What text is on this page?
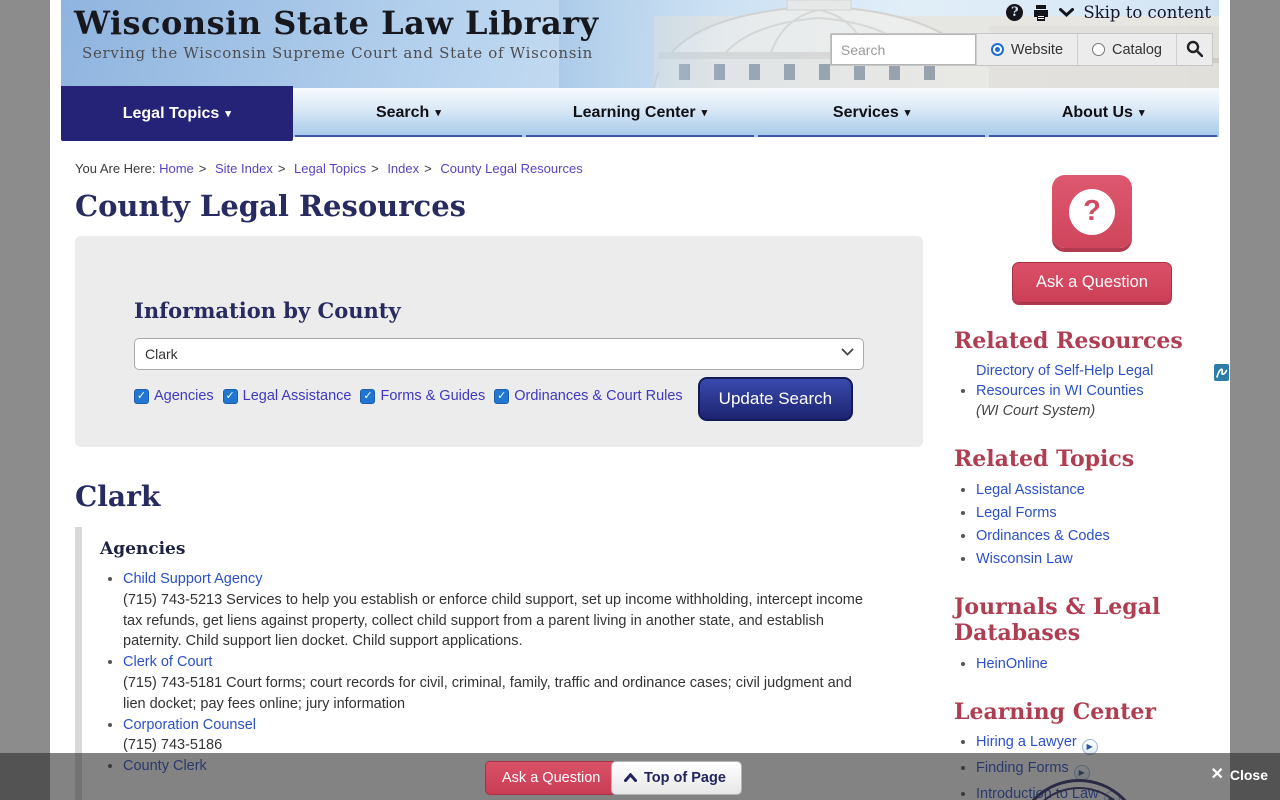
?	Skip to content
Wisconsin State Law Library
Serving the Wisconsin Supreme Court and State of Wisconsin
Search	Website	Catalog
Legal Topics ▾	Search ▾	Learning Center ▾	Services ▾	About Us ▾
You Are Here: Home > Site Index > Legal Topics > Index > County Legal Resources
County Legal Resources
Information by County
Clark
✓ Agencies ✓ Legal Assistance ✓ Forms & Guides ✓ Ordinances & Court Rules	Update Search
Clark
Agencies
• Child Support Agency
(715) 743-5213 Services to help you establish or enforce child support, set up income withholding, intercept income tax refunds, get liens against property, collect child support from a parent living in another state, and establish paternity. Child support lien docket. Child support applications.
• Clerk of Court
(715) 743-5181 Court forms; court records for civil, criminal, family, traffic and ordinance cases; civil judgment and lien docket; pay fees online; jury information
• Corporation Counsel
(715) 743-5186
•
?
Ask a Question
Related Resources
• Directory of Self-Help Legal Resources in WI Counties
(WI Court System)
Related Topics
• Legal Assistance
• Legal Forms
• Ordinances & Codes
• Wisconsin Law
Journals & Legal Databases
• HeinOnline
Learning Center
• Hiring a Lawyer ▶
•
•
Ask a Question	Top of Page	✕ Close
